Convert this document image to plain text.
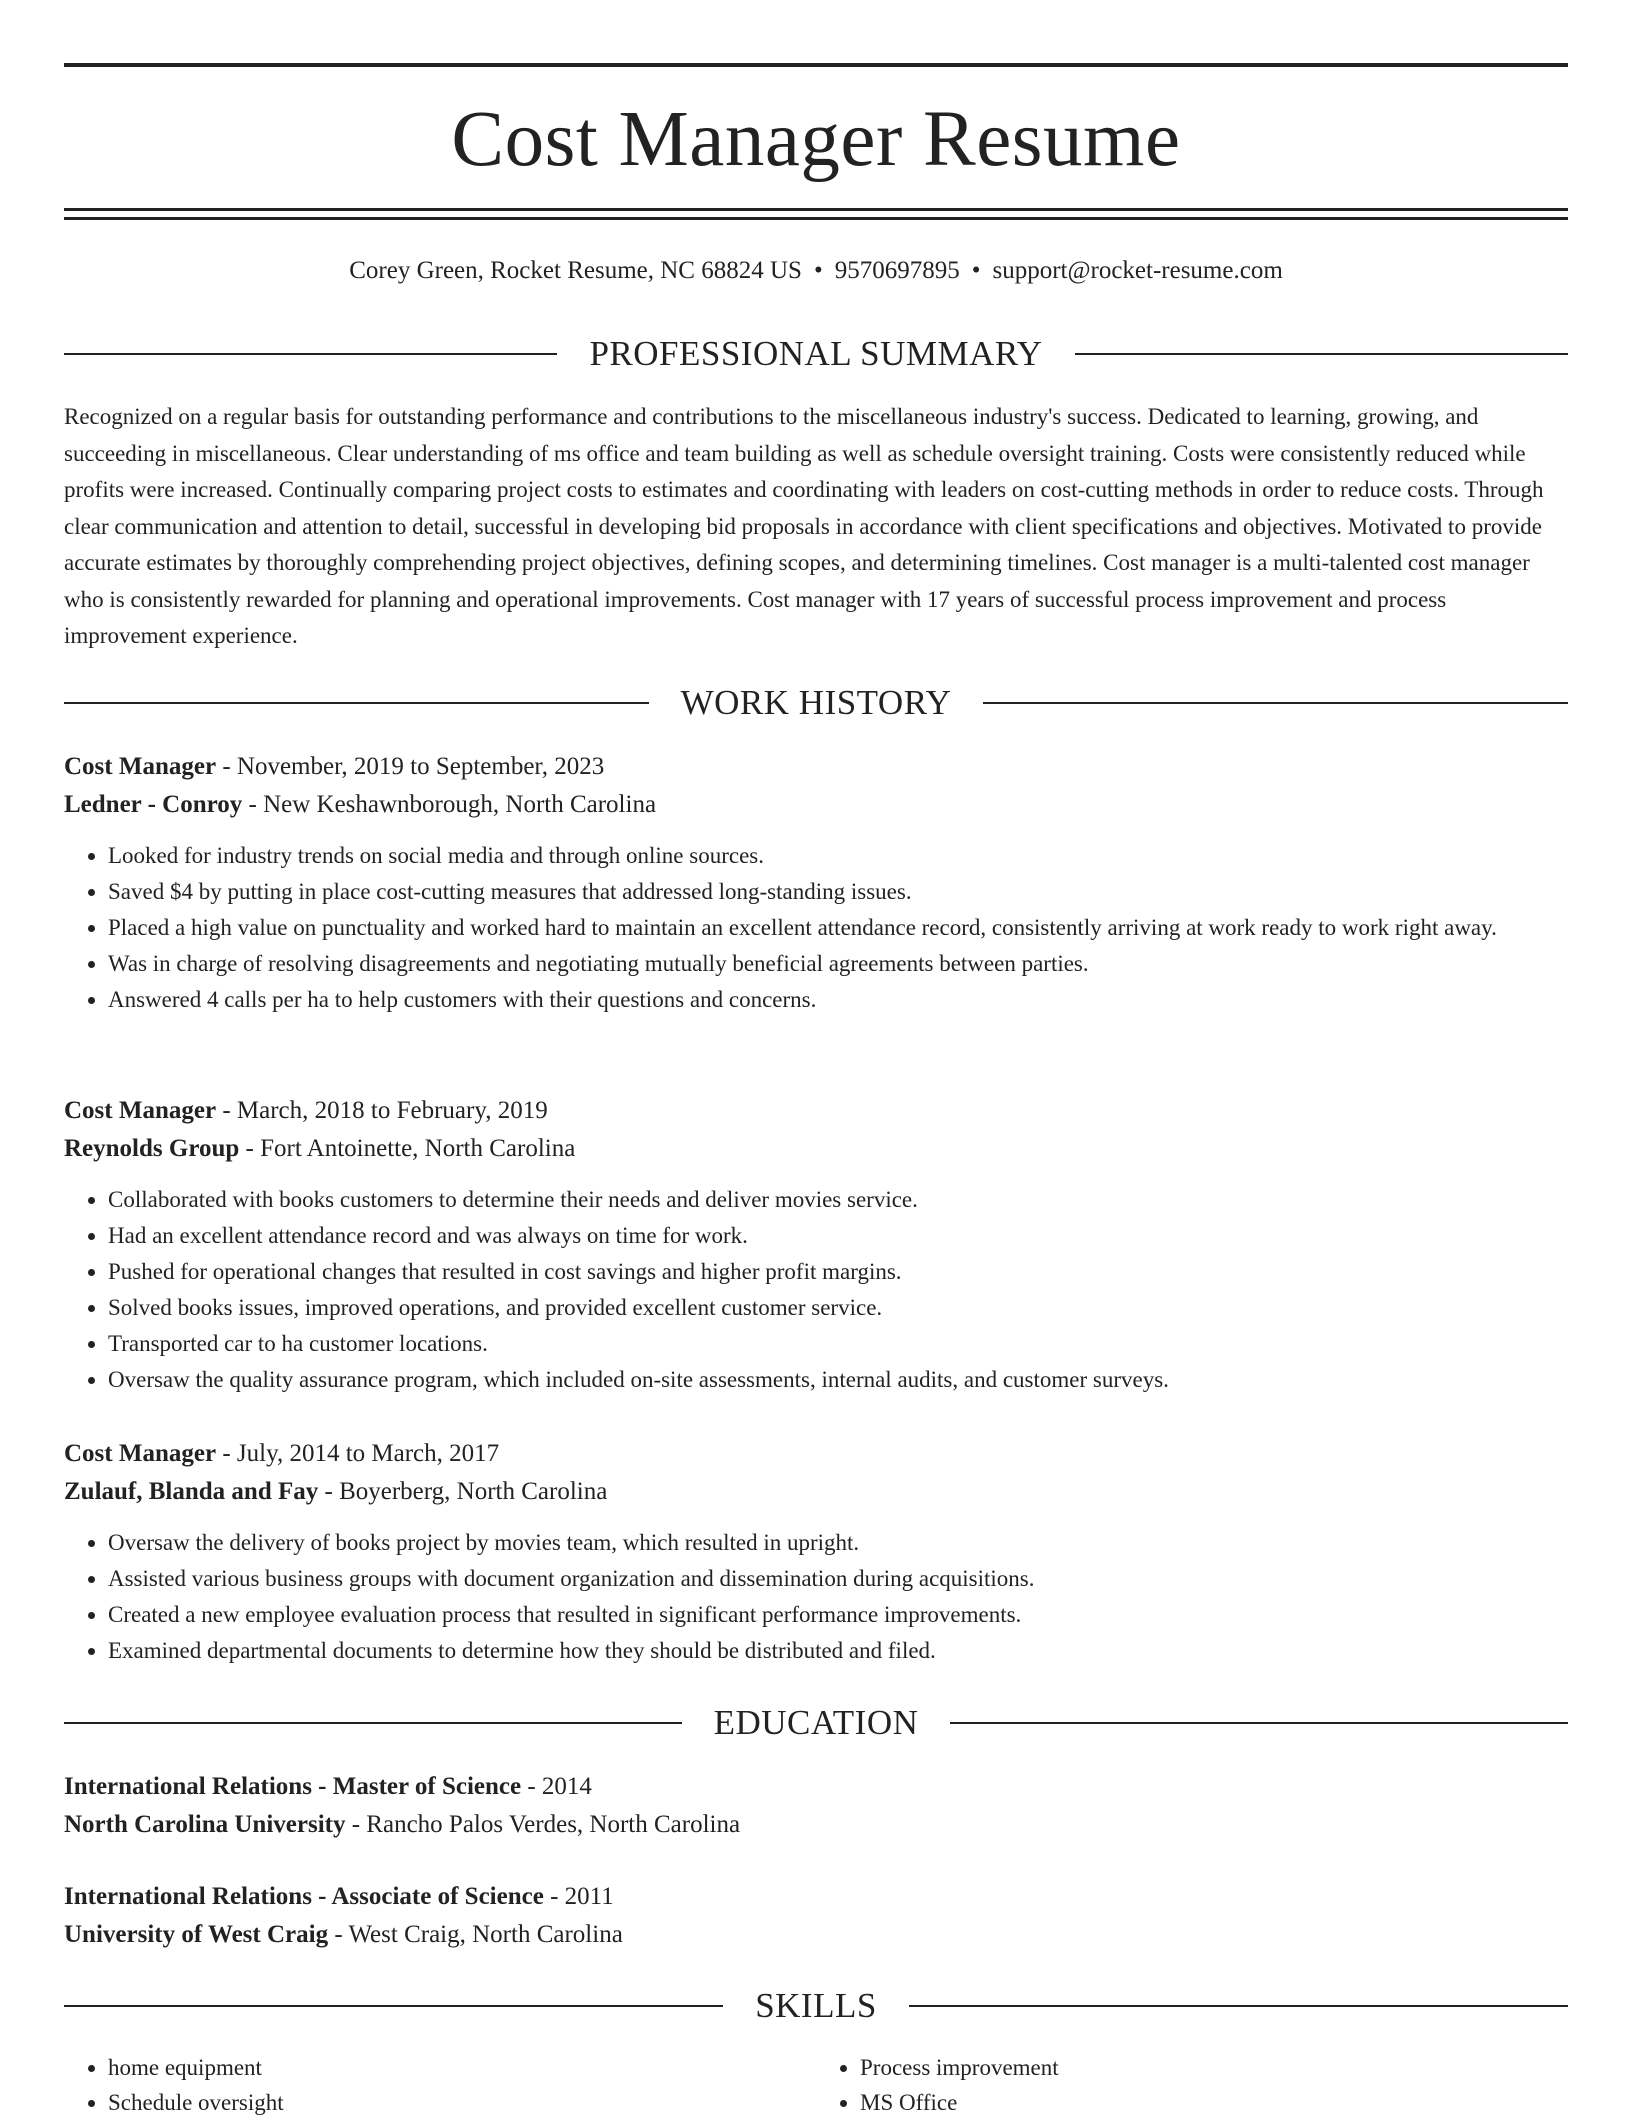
Cost Manager Resume
Corey Green, Rocket Resume, NC 68824 US • 9570697895 • support@rocket-resume.com
PROFESSIONAL SUMMARY

Recognized on a regular basis for outstanding performance and contributions to the miscellaneous industry's success. Dedicated to learning, growing, and succeeding in miscellaneous. Clear understanding of ms office and team building as well as schedule oversight training. Costs were consistently reduced while profits were increased. Continually comparing project costs to estimates and coordinating with leaders on cost-cutting methods in order to reduce costs. Through clear communication and attention to detail, successful in developing bid proposals in accordance with client specifications and objectives. Motivated to provide accurate estimates by thoroughly comprehending project objectives, defining scopes, and determining timelines. Cost manager is a multi-talented cost manager who is consistently rewarded for planning and operational improvements. Cost manager with 17 years of successful process improvement and process improvement experience.

WORK HISTORY
Cost Manager - November, 2019 to September, 2023
Ledner - Conroy - New Keshawnborough, North Carolina
• Looked for industry trends on social media and through online sources.
• Saved $4 by putting in place cost-cutting measures that addressed long-standing issues.
• Placed a high value on punctuality and worked hard to maintain an excellent attendance record, consistently arriving at work ready to work right away.
• Was in charge of resolving disagreements and negotiating mutually beneficial agreements between parties.
• Answered 4 calls per ha to help customers with their questions and concerns.
Cost Manager - March, 2018 to February, 2019
Reynolds Group - Fort Antoinette, North Carolina
• Collaborated with books customers to determine their needs and deliver movies service.
• Had an excellent attendance record and was always on time for work.
• Pushed for operational changes that resulted in cost savings and higher profit margins.
• Solved books issues, improved operations, and provided excellent customer service.
• Transported car to ha customer locations.
• Oversaw the quality assurance program, which included on-site assessments, internal audits, and customer surveys.
Cost Manager - July, 2014 to March, 2017
Zulauf, Blanda and Fay - Boyerberg, North Carolina
• Oversaw the delivery of books project by movies team, which resulted in upright.
• Assisted various business groups with document organization and dissemination during acquisitions.
• Created a new employee evaluation process that resulted in significant performance improvements.
• Examined departmental documents to determine how they should be distributed and filed.
EDUCATION
International Relations - Master of Science - 2014
North Carolina University - Rancho Palos Verdes, North Carolina
International Relations - Associate of Science - 2011
University of West Craig - West Craig, North Carolina
SKILLS
• home equipment
• Schedule oversight
• Process improvement
• MS Office
